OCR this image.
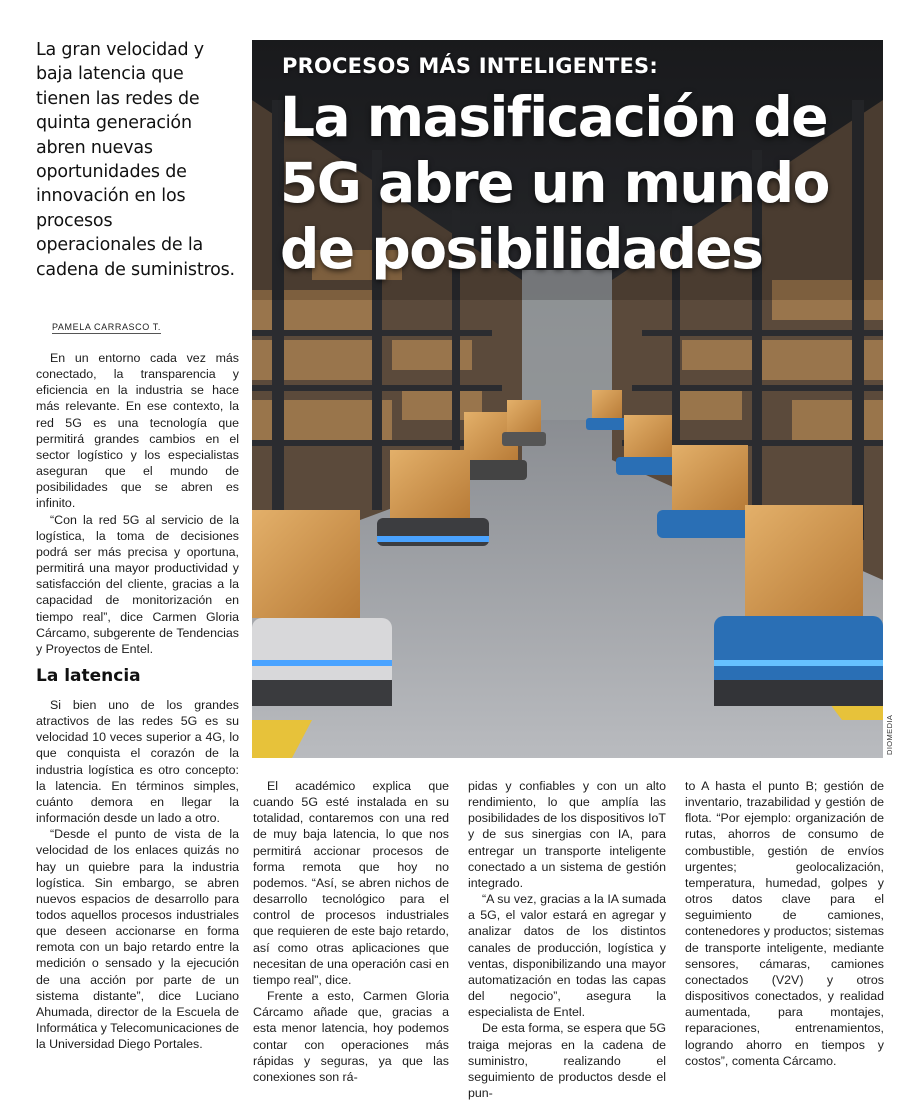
La gran velocidad y baja latencia que tienen las redes de quinta generación abren nuevas oportunidades de innovación en los procesos operacionales de la cadena de suministros.
PAMELA CARRASCO T.

En un entorno cada vez más conectado, la transparencia y eficiencia en la industria se hace más relevante. En ese contexto, la red 5G es una tecnología que permitirá grandes cambios en el sector logístico y los especialistas aseguran que el mundo de posibilidades que se abren es infinito.

“Con la red 5G al servicio de la logística, la toma de decisiones podrá ser más precisa y oportuna, permitirá una mayor productividad y satisfacción del cliente, gracias a la capacidad de monitorización en tiempo real”, dice Carmen Gloria Cárcamo, subgerente de Tendencias y Proyectos de Entel.

La latencia

Si bien uno de los grandes atractivos de las redes 5G es su velocidad 10 veces superior a 4G, lo que conquista el corazón de la industria logística es otro concepto: la latencia. En términos simples, cuánto demora en llegar la información desde un lado a otro.

“Desde el punto de vista de la velocidad de los enlaces quizás no hay un quiebre para la industria logística. Sin embargo, se abren nuevos espacios de desarrollo para todos aquellos procesos industriales que deseen accionarse en forma remota con un bajo retardo entre la medición o sensado y la ejecución de una acción por parte de un sistema distante”, dice Luciano Ahumada, director de la Escuela de Informática y Telecomunicaciones de la Universidad Diego Portales.

PROCESOS MÁS INTELIGENTES:
La masificación de 5G abre un mundo de posibilidades
DIOMEDIA

El académico explica que cuando 5G esté instalada en su totalidad, contaremos con una red de muy baja latencia, lo que nos permitirá accionar procesos de forma remota que hoy no podemos. “Así, se abren nichos de desarrollo tecnológico para el control de procesos industriales que requieren de este bajo retardo, así como otras aplicaciones que necesitan de una operación casi en tiempo real”, dice.

Frente a esto, Carmen Gloria Cárcamo añade que, gracias a esta menor latencia, hoy podemos contar con operaciones más rápidas y seguras, ya que las conexiones son rá-

pidas y confiables y con un alto rendimiento, lo que amplía las posibilidades de los dispositivos IoT y de sus sinergias con IA, para entregar un transporte inteligente conectado a un sistema de gestión integrado.

“A su vez, gracias a la IA sumada a 5G, el valor estará en agregar y analizar datos de los distintos canales de producción, logística y ventas, disponibilizando una mayor automatización en todas las capas del negocio”, asegura la especialista de Entel.

De esta forma, se espera que 5G traiga mejoras en la cadena de suministro, realizando el seguimiento de productos desde el pun-

to A hasta el punto B; gestión de inventario, trazabilidad y gestión de flota. “Por ejemplo: organización de rutas, ahorros de consumo de combustible, gestión de envíos urgentes; geolocalización, temperatura, humedad, golpes y otros datos clave para el seguimiento de camiones, contenedores y productos; sistemas de transporte inteligente, mediante sensores, cámaras, camiones conectados (V2V) y otros dispositivos conectados, y realidad aumentada, para montajes, reparaciones, entrenamientos, logrando ahorro en tiempos y costos”, comenta Cárcamo.
